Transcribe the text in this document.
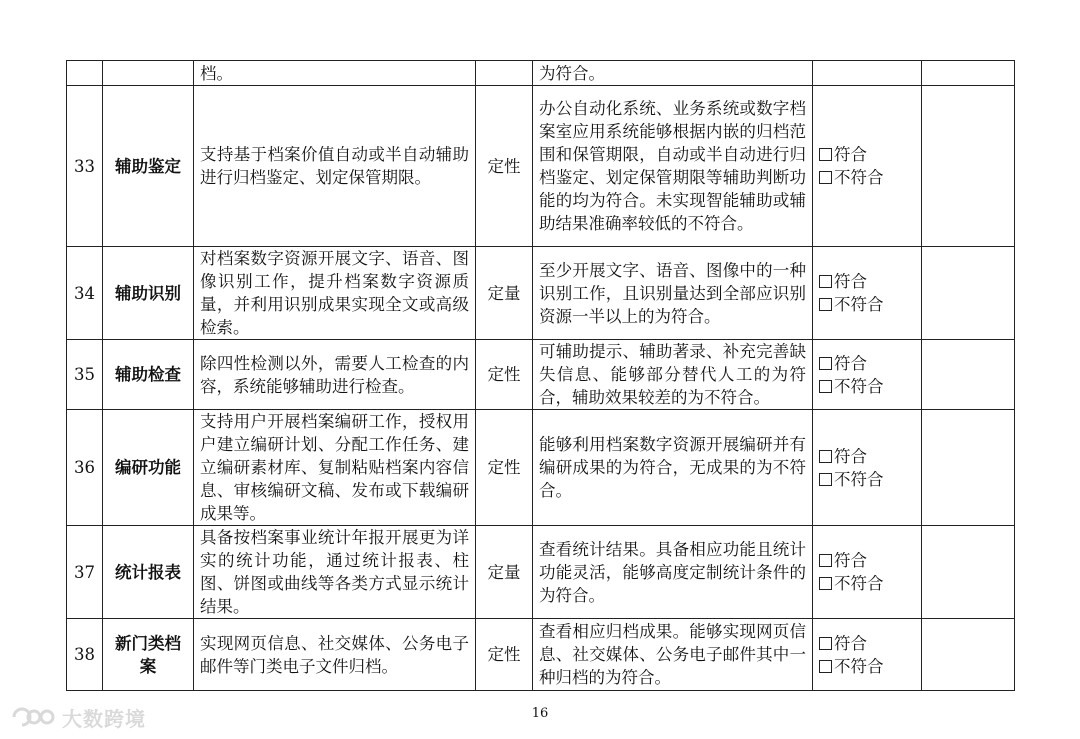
		档。		为符合。		
33	辅助鉴定	支持基于档案价值自动或半自动辅助进行归档鉴定、划定保管期限。	定性	办公自动化系统、业务系统或数字档案室应用系统能够根据内嵌的归档范围和保管期限，自动或半自动进行归档鉴定、划定保管期限等辅助判断功能的均为符合。未实现智能辅助或辅助结果准确率较低的不符合。	符合
不符合	

34	辅助识别	对档案数字资源开展文字、语音、图像识别工作，提升档案数字资源质量，并利用识别成果实现全文或高级检索。	定量	至少开展文字、语音、图像中的一种识别工作，且识别量达到全部应识别资源一半以上的为符合。	符合
不符合	

35	辅助检查	除四性检测以外，需要人工检查的内容，系统能够辅助进行检查。	定性	可辅助提示、辅助著录、补充完善缺失信息、能够部分替代人工的为符合，辅助效果较差的为不符合。	符合
不符合	

36	编研功能	支持用户开展档案编研工作，授权用户建立编研计划、分配工作任务、建立编研素材库、复制粘贴档案内容信息、审核编研文稿、发布或下载编研成果等。	定性	能够利用档案数字资源开展编研并有编研成果的为符合，无成果的为不符合。	符合
不符合	

37	统计报表	具备按档案事业统计年报开展更为详实的统计功能，通过统计报表、柱图、饼图或曲线等各类方式显示统计结果。	定量	查看统计结果。具备相应功能且统计功能灵活，能够高度定制统计条件的为符合。	符合
不符合	

38	新门类档案	实现网页信息、社交媒体、公务电子邮件等门类电子文件归档。	定性	查看相应归档成果。能够实现网页信息、社交媒体、公务电子邮件其中一种归档的为符合。	符合
不符合	

16
大数跨境
